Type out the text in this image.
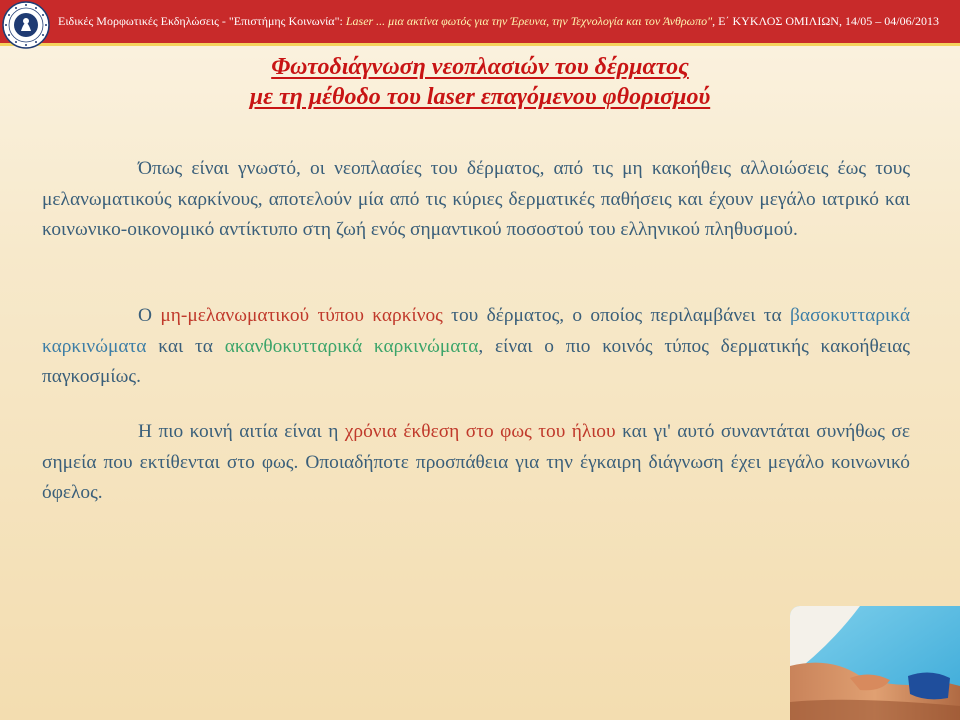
Ειδικές Μορφωτικές Εκδηλώσεις - "Επιστήμης Κοινωνία": Laser ... μια ακτίνα φωτός για την Έρευνα, την Τεχνολογία και τον Άνθρωπο", Ε΄ ΚΥΚΛΟΣ ΟΜΙΛΙΩΝ, 14/05 – 04/06/2013
Φωτοδιάγνωση νεοπλασιών του δέρματος
με τη μέθοδο του laser επαγόμενου φθορισμού
Όπως είναι γνωστό, οι νεοπλασίες του δέρματος, από τις μη κακοήθεις αλλοιώσεις έως τους μελανωματικούς καρκίνους, αποτελούν μία από τις κύριες δερματικές παθήσεις και έχουν μεγάλο ιατρικό και κοινωνικο-οικονομικό αντίκτυπο στη ζωή ενός σημαντικού ποσοστού του ελληνικού πληθυσμού.
Ο μη-μελανωματικού τύπου καρκίνος του δέρματος, ο οποίος περιλαμβάνει τα βασοκυτταρικά καρκινώματα και τα ακανθοκυτταρικά καρκινώματα, είναι ο πιο κοινός τύπος δερματικής κακοήθειας παγκοσμίως.
Η πιο κοινή αιτία είναι η χρόνια έκθεση στο φως του ήλιου και γι' αυτό συναντάται συνήθως σε σημεία που εκτίθενται στο φως. Οποιαδήποτε προσπάθεια για την έγκαιρη διάγνωση έχει μεγάλο κοινωνικό όφελος.
